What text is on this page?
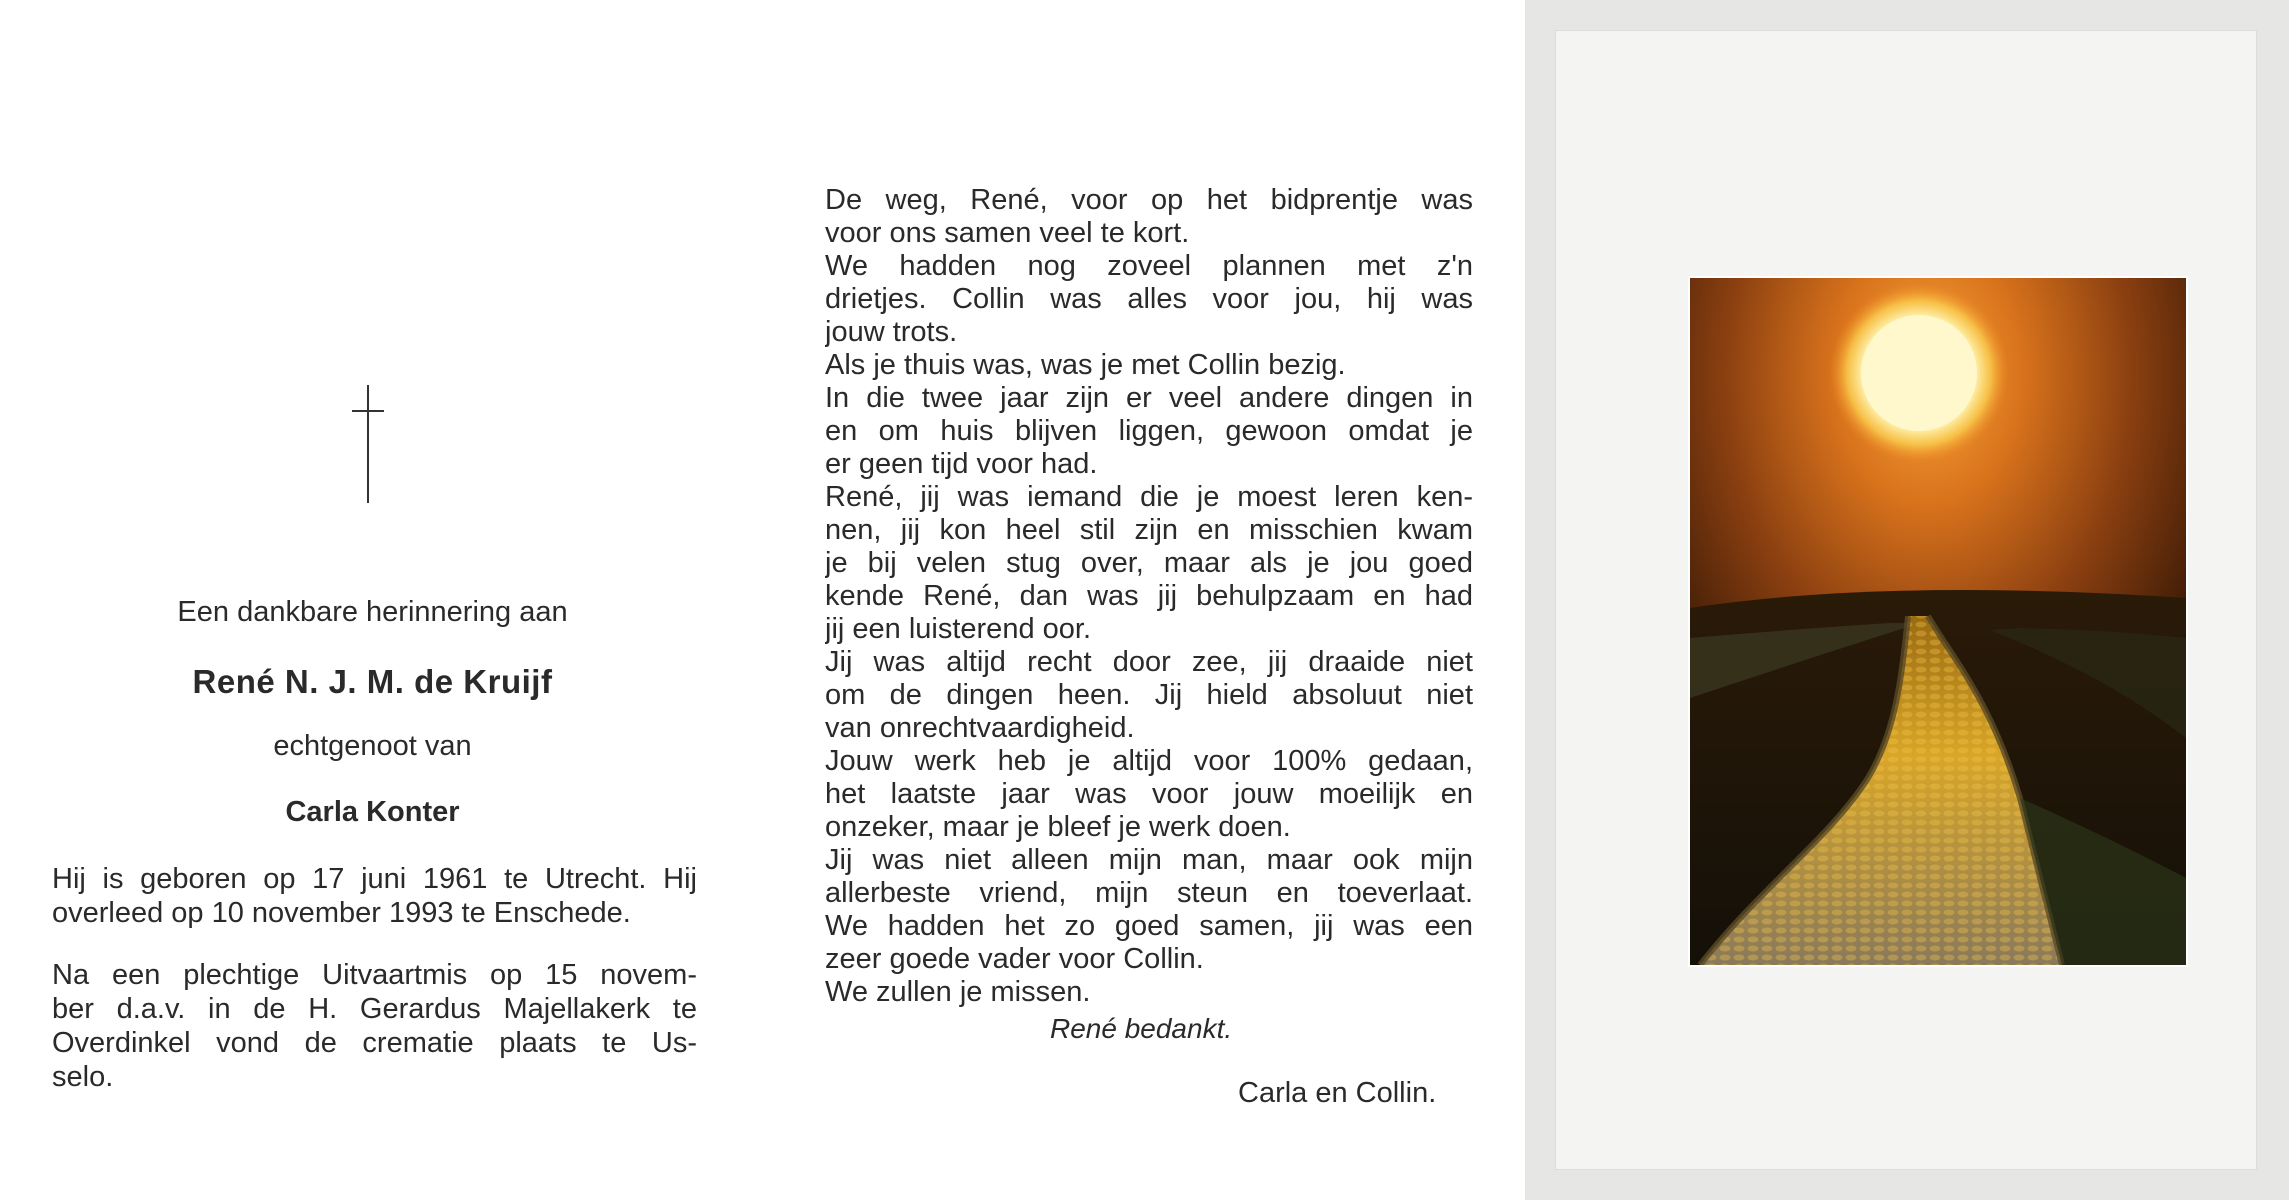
Een dankbare herinnering aan
René N. J. M. de Kruijf
echtgenoot van
Carla Konter
Hij is geboren op 17 juni 1961 te Utrecht. Hij
overleed op 10 november 1993 te Enschede.
Na een plechtige Uitvaartmis op 15 novem-
ber d.a.v. in de H. Gerardus Majellakerk te
Overdinkel vond de crematie plaats te Us-
selo.
De weg, René, voor op het bidprentje was
voor ons samen veel te kort.
We hadden nog zoveel plannen met z'n
drietjes. Collin was alles voor jou, hij was
jouw trots.
Als je thuis was, was je met Collin bezig.
In die twee jaar zijn er veel andere dingen in
en om huis blijven liggen, gewoon omdat je
er geen tijd voor had.
René, jij was iemand die je moest leren ken-
nen, jij kon heel stil zijn en misschien kwam
je bij velen stug over, maar als je jou goed
kende René, dan was jij behulpzaam en had
jij een luisterend oor.
Jij was altijd recht door zee, jij draaide niet
om de dingen heen. Jij hield absoluut niet
van onrechtvaardigheid.
Jouw werk heb je altijd voor 100% gedaan,
het laatste jaar was voor jouw moeilijk en
onzeker, maar je bleef je werk doen.
Jij was niet alleen mijn man, maar ook mijn
allerbeste vriend, mijn steun en toeverlaat.
We hadden het zo goed samen, jij was een
zeer goede vader voor Collin.
We zullen je missen.
René bedankt.
Carla en Collin.
